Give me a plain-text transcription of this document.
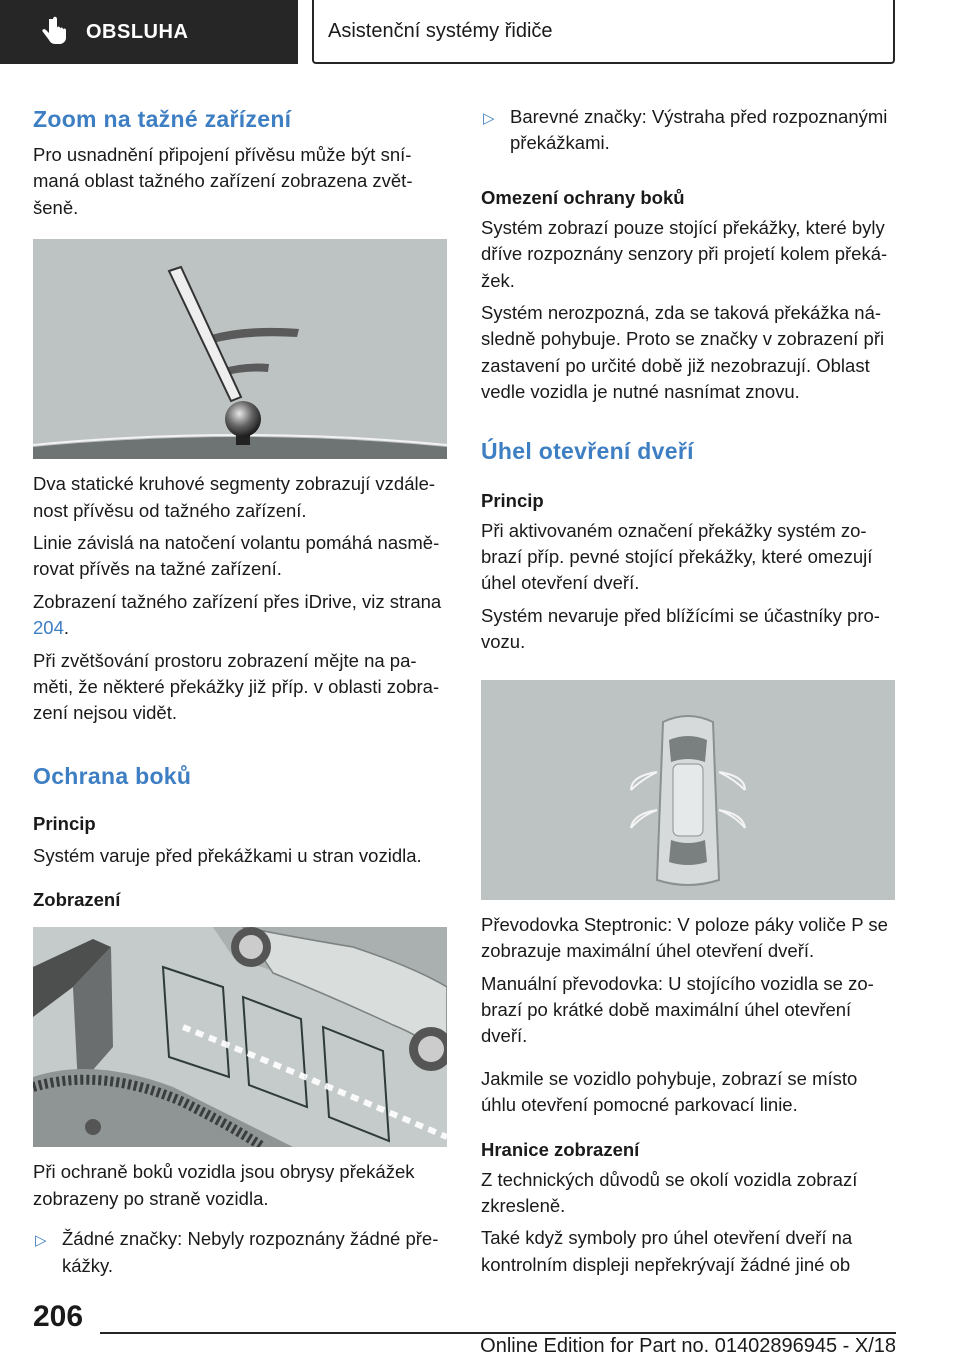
OBSLUHA	Asistenční systémy řidiče
Zoom na tažné zařízení

Pro usnadnění připojení přívěsu může být snímaná oblast tažného zařízení zobrazena zvětšeně.

Dva statické kruhové segmenty zobrazují vzdálenost přívěsu od tažného zařízení.

Linie závislá na natočení volantu pomáhá nasměrovat přívěs na tažné zařízení.

Zobrazení tažného zařízení přes iDrive, viz strana 204.

Při zvětšování prostoru zobrazení mějte na paměti, že některé překážky již příp. v oblasti zobrazení nejsou vidět.

Ochrana boků
Princip

Systém varuje před překážkami u stran vozidla.

Zobrazení

Při ochraně boků vozidla jsou obrysy překážek zobrazeny po straně vozidla.

▷ Žádné značky: Nebyly rozpoznány žádné překážky.
▷ Barevné značky: Výstraha před rozpoznanými překážkami.
Omezení ochrany boků

Systém zobrazí pouze stojící překážky, které byly dříve rozpoznány senzory při projetí kolem překážek.

Systém nerozpozná, zda se taková překážka následně pohybuje. Proto se značky v zobrazení při zastavení po určité době již nezobrazují. Oblast vedle vozidla je nutné nasnímat znovu.

Úhel otevření dveří
Princip

Při aktivovaném označení překážky systém zobrazí příp. pevné stojící překážky, které omezují úhel otevření dveří.

Systém nevaruje před blížícími se účastníky provozu.

Převodovka Steptronic: V poloze páky voliče P se zobrazuje maximální úhel otevření dveří.

Manuální převodovka: U stojícího vozidla se zobrazí po krátké době maximální úhel otevření dveří.

Jakmile se vozidlo pohybuje, zobrazí se místo úhlu otevření pomocné parkovací linie.

Hranice zobrazení

Z technických důvodů se okolí vozidla zobrazí zkresleně.

Také když symboly pro úhel otevření dveří na kontrolním displeji nepřekrývají žádné jiné ob

206
Online Edition for Part no. 01402896945 - X/18
